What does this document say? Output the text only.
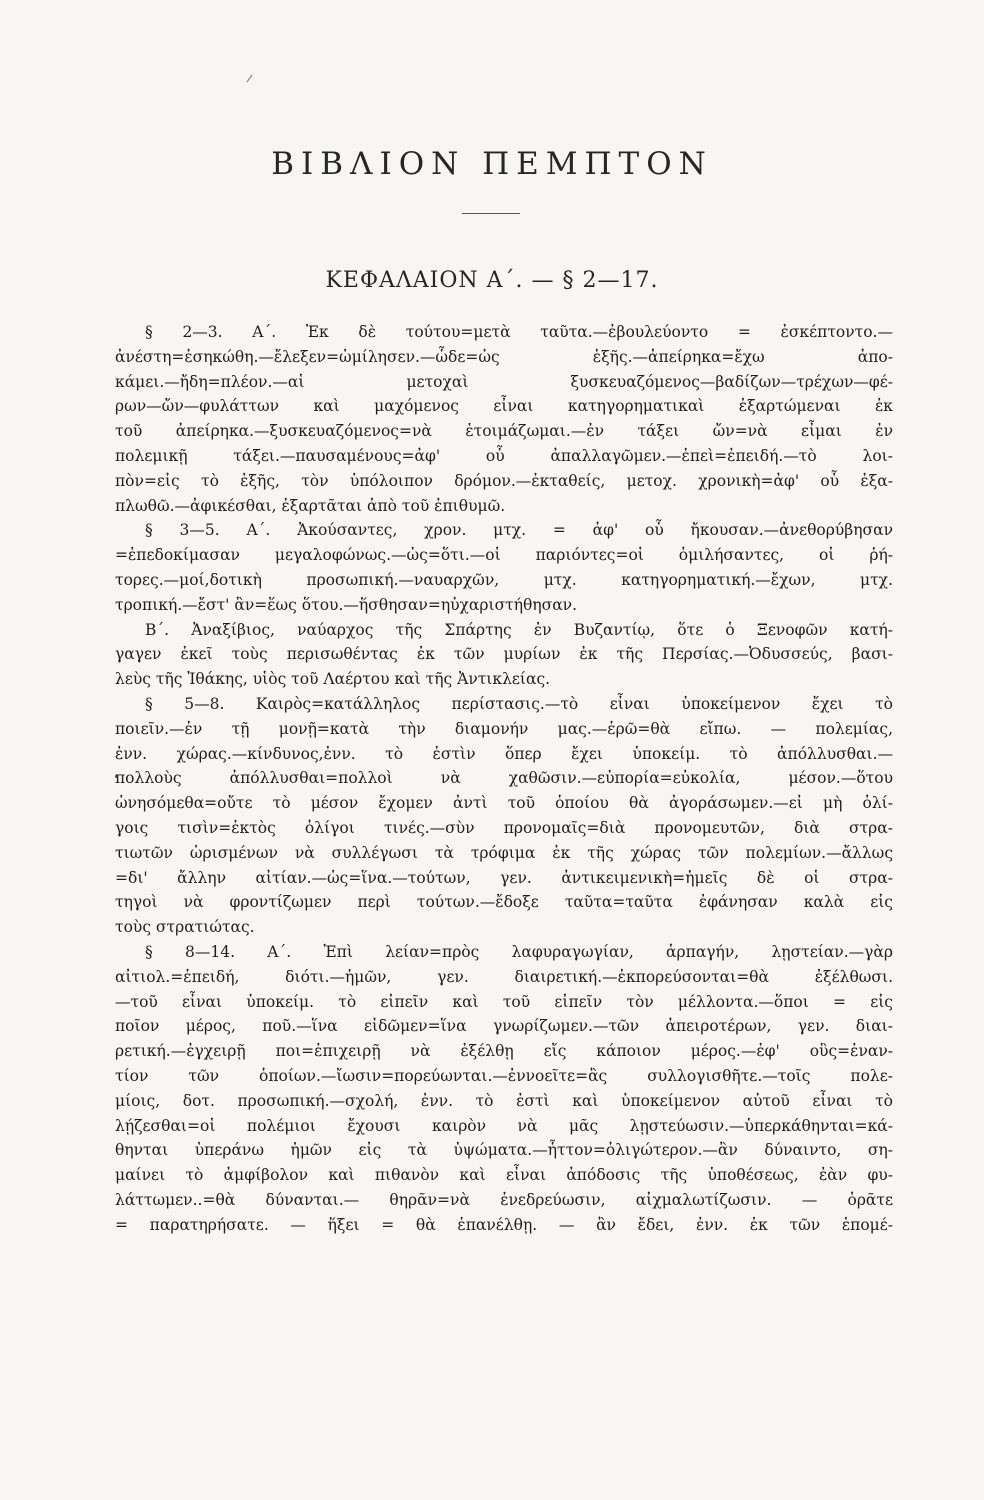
ΒΙΒΛΙΟΝ ΠΕΜΠΤΟΝ
ΚΕΦΑΛΑΙΟΝ Α΄. — § 2—17.
§ 2—3. Α΄. Ἐκ δὲ τούτου=μετὰ ταῦτα.—ἐβουλεύοντο = ἐσκέπτοντο.—
ἀνέστη=ἐσηκώθη.—ἔλεξεν=ὡμίλησεν.—ὧδε=ὡς ἑξῆς.—ἀπείρηκα=ἔχω ἀπο-
κάμει.—ἤδη=πλέον.—αἱ μετοχαὶ ξυσκευαζόμενος—βαδίζων—τρέχων—φέ-
ρων—ὤν—φυλάττων καὶ μαχόμενος εἶναι κατηγορηματικαὶ ἐξαρτώμεναι ἐκ
τοῦ ἀπείρηκα.—ξυσκευαζόμενος=νὰ ἑτοιμάζωμαι.—ἐν τάξει ὤν=νὰ εἶμαι ἐν
πολεμικῇ τάξει.—παυσαμένους=ἀφ' οὗ ἀπαλλαγῶμεν.—ἐπεὶ=ἐπειδή.—τὸ λοι-
πὸν=εἰς τὸ ἑξῆς, τὸν ὑπόλοιπον δρόμον.—ἐκταθείς, μετοχ. χρονικὴ=ἀφ' οὗ ἐξα-
πλωθῶ.—ἀφικέσθαι, ἐξαρτᾶται ἀπὸ τοῦ ἐπιθυμῶ.
§ 3—5. Α΄. Ἀκούσαντες, χρον. μτχ. = ἀφ' οὗ ἤκουσαν.—ἀνεθορύβησαν
=ἐπεδοκίμασαν μεγαλοφώνως.—ὡς=ὅτι.—οἱ παριόντες=οἱ ὁμιλήσαντες, οἱ ῥή-
τορες.—μοί,δοτικὴ προσωπική.—ναυαρχῶν, μτχ. κατηγορηματική.—ἔχων, μτχ.
τροπική.—ἔστ' ἂν=ἕως ὅτου.—ἥσθησαν=ηὐχαριστήθησαν.
Β΄. Ἀναξίβιος, ναύαρχος τῆς Σπάρτης ἐν Βυζαντίῳ, ὅτε ὁ Ξενοφῶν κατή-
γαγεν ἐκεῖ τοὺς περισωθέντας ἐκ τῶν μυρίων ἐκ τῆς Περσίας.—Ὀδυσσεύς, βασι-
λεὺς τῆς Ἰθάκης, υἱὸς τοῦ Λαέρτου καὶ τῆς Ἀντικλείας.
§ 5—8. Καιρὸς=κατάλληλος περίστασις.—τὸ εἶναι ὑποκείμενον ἔχει τὸ
ποιεῖν.—ἐν τῇ μονῇ=κατὰ τὴν διαμονήν μας.—ἐρῶ=θὰ εἴπω. — πολεμίας,
ἐνν. χώρας.—κίνδυνος,ἐνν. τὸ ἐστὶν ὅπερ ἔχει ὑποκείμ. τὸ ἀπόλλυσθαι.—
πολλοὺς ἀπόλλυσθαι=πολλοὶ νὰ χαθῶσιν.—εὐπορία=εὐκολία, μέσον.—ὅτου
ὠνησόμεθα=οὔτε τὸ μέσον ἔχομεν ἀντὶ τοῦ ὁποίου θὰ ἀγοράσωμεν.—εἰ μὴ ὀλί-
γοις τισὶν=ἐκτὸς ὀλίγοι τινές.—σὺν προνομαῖς=διὰ προνομευτῶν, διὰ στρα-
τιωτῶν ὡρισμένων νὰ συλλέγωσι τὰ τρόφιμα ἐκ τῆς χώρας τῶν πολεμίων.—ἄλλως
=δι' ἄλλην αἰτίαν.—ὡς=ἵνα.—τούτων, γεν. ἀντικειμενικὴ=ἡμεῖς δὲ οἱ στρα-
τηγοὶ νὰ φροντίζωμεν περὶ τούτων.—ἔδοξε ταῦτα=ταῦτα ἐφάνησαν καλὰ εἰς
τοὺς στρατιώτας.
§ 8—14. Α΄. Ἐπὶ λείαν=πρὸς λαφυραγωγίαν, ἁρπαγήν, λῃστείαν.—γὰρ
αἰτιολ.=ἐπειδή, διότι.—ἡμῶν, γεν. διαιρετική.—ἐκπορεύσονται=θὰ ἐξέλθωσι.
—τοῦ εἶναι ὑποκείμ. τὸ εἰπεῖν καὶ τοῦ εἰπεῖν τὸν μέλλοντα.—ὅποι = εἰς
ποῖον μέρος, ποῦ.—ἵνα εἰδῶμεν=ἵνα γνωρίζωμεν.—τῶν ἀπειροτέρων, γεν. διαι-
ρετική.—ἐγχειρῇ ποι=ἐπιχειρῇ νὰ ἐξέλθῃ εἴς κάποιον μέρος.—ἐφ' οὓς=ἐναν-
τίον τῶν ὁποίων.—ἴωσιν=πορεύωνται.—ἐννοεῖτε=ἂς συλλογισθῆτε.—τοῖς πολε-
μίοις, δοτ. προσωπική.—σχολή, ἐνν. τὸ ἐστὶ καὶ ὑποκείμενον αὐτοῦ εἶναι τὸ
λῄζεσθαι=οἱ πολέμιοι ἔχουσι καιρὸν νὰ μᾶς λῃστεύωσιν.—ὑπερκάθηνται=κά-
θηνται ὑπεράνω ἡμῶν εἰς τὰ ὑψώματα.—ἧττον=ὀλιγώτερον.—ἂν δύναιντο, ση-
μαίνει τὸ ἀμφίβολον καὶ πιθανὸν καὶ εἶναι ἀπόδοσις τῆς ὑποθέσεως, ἐὰν φυ-
λάττωμεν..=θὰ δύνανται.— θηρᾶν=νὰ ἐνεδρεύωσιν, αἰχμαλωτίζωσιν. — ὁρᾶτε
= παρατηρήσατε. — ἥξει = θὰ ἐπανέλθῃ. — ἂν ἔδει, ἐνν. ἐκ τῶν ἑπομέ-
